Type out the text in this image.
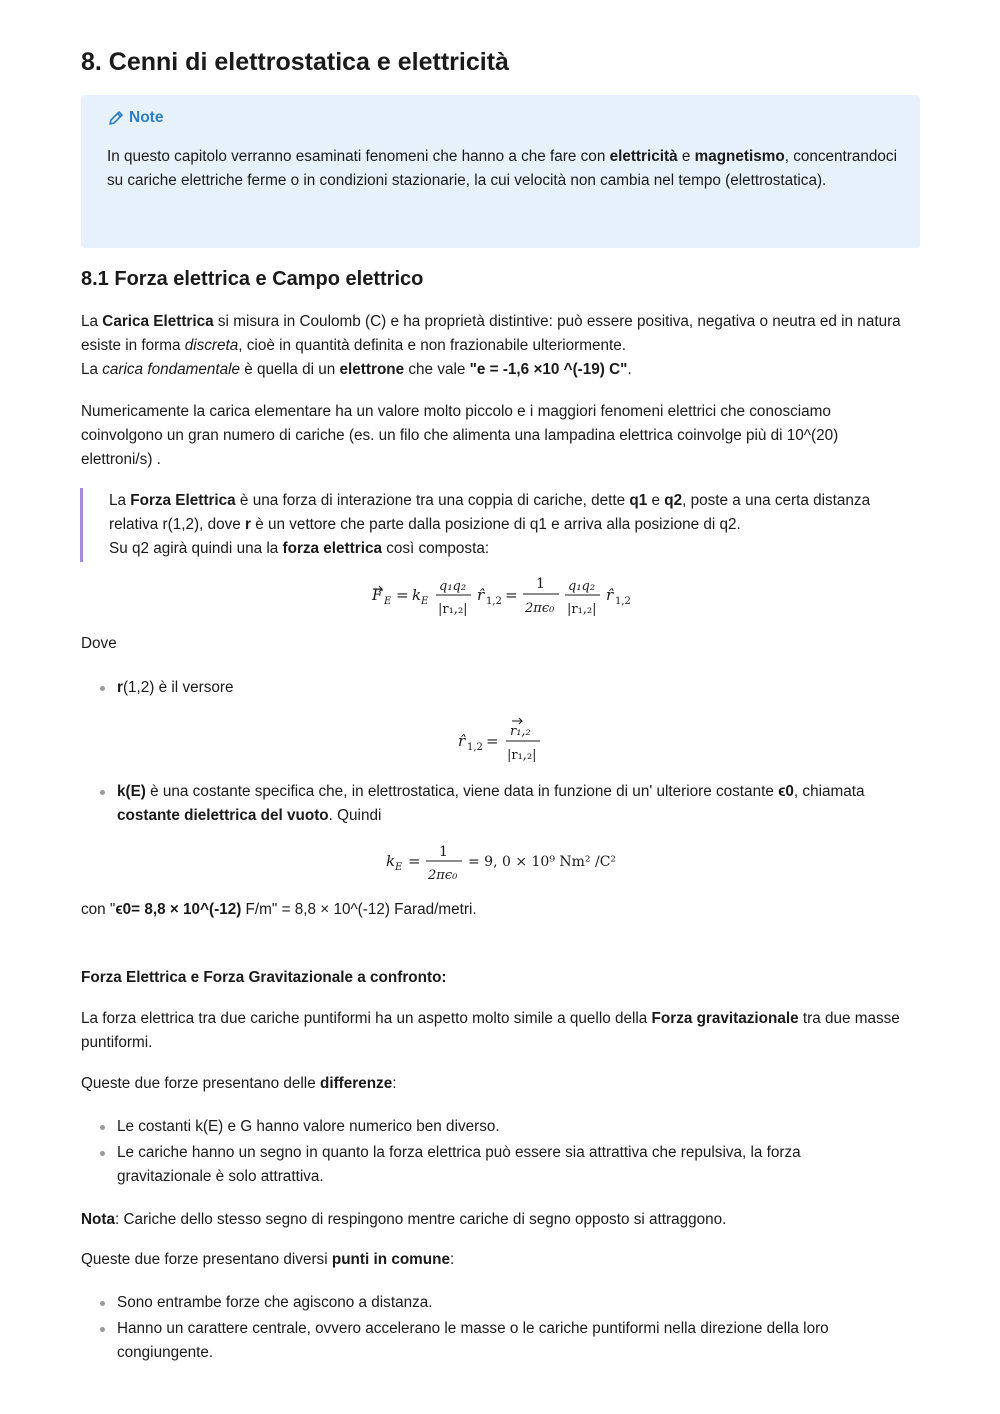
8. Cenni di elettrostatica e elettricità
Note

In questo capitolo verranno esaminati fenomeni che hanno a che fare con elettricità e magnetismo, concentrandoci su cariche elettriche ferme o in condizioni stazionarie, la cui velocità non cambia nel tempo (elettrostatica).

8.1 Forza elettrica e Campo elettrico

La Carica Elettrica si misura in Coulomb (C) e ha proprietà distintive: può essere positiva, negativa o neutra ed in natura esiste in forma discreta, cioè in quantità definita e non frazionabile ulteriormente.
La carica fondamentale è quella di un elettrone che vale "e = -1,6 ×10 ^(-19) C".

Numericamente la carica elementare ha un valore molto piccolo e i maggiori fenomeni elettrici che conosciamo coinvolgono un gran numero di cariche (es. un filo che alimenta una lampadina elettrica coinvolge più di 10^(20) elettroni/s) .

La Forza Elettrica è una forza di interazione tra una coppia di cariche, dette q1 e q2, poste a una certa distanza relativa r(1,2), dove r è un vettore che parte dalla posizione di q1 e arriva alla posizione di q2.
Su q2 agirà quindi una la forza elettrica così composta:

F E = k E
q₁q₂
|r₁,₂|
r̂ 1,2 =
1
2πϵ₀
q₁q₂
|r₁,₂|
r̂ 1,2

Dove

r(1,2) è il versore
r̂ 1,2 =
r₁,₂
|r₁,₂|
k(E) è una costante specifica che, in elettrostatica, viene data in funzione di un' ulteriore costante ϵ0, chiamata costante dielettrica del vuoto. Quindi
k E = 1
2πϵ₀
= 9, 0 × 10⁹ Nm² /C²

con "ϵ0= 8,8 × 10^(-12) F/m" = 8,8 × 10^(-12) Farad/metri.

Forza Elettrica e Forza Gravitazionale a confronto:

La forza elettrica tra due cariche puntiformi ha un aspetto molto simile a quello della Forza gravitazionale tra due masse puntiformi.

Queste due forze presentano delle differenze:

Le costanti k(E) e G hanno valore numerico ben diverso.
Le cariche hanno un segno in quanto la forza elettrica può essere sia attrattiva che repulsiva, la forza gravitazionale è solo attrattiva.

Nota: Cariche dello stesso segno di respingono mentre cariche di segno opposto si attraggono.

Queste due forze presentano diversi punti in comune:

Sono entrambe forze che agiscono a distanza.
Hanno un carattere centrale, ovvero accelerano le masse o le cariche puntiformi nella direzione della loro congiungente.
